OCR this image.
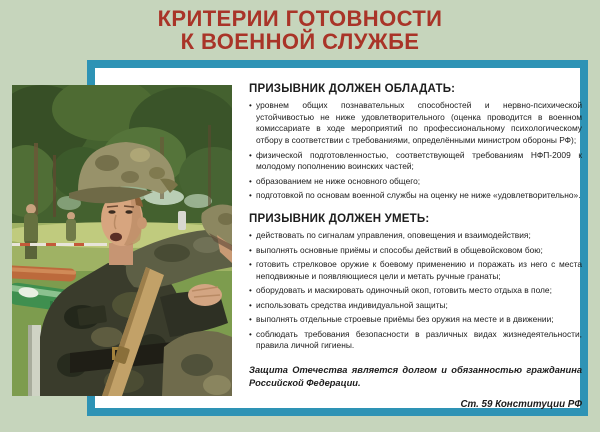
КРИТЕРИИ ГОТОВНОСТИ
К ВОЕННОЙ СЛУЖБЕ
ПРИЗЫВНИК ДОЛЖЕН ОБЛАДАТЬ:
• уровнем общих познавательных способностей и нервно-психической устойчивостью не ниже удовлетворительного (оценка проводится в военном комиссариате в ходе мероприятий по профессиональному психологическому отбору в соответствии с требованиями, определёнными министром обороны РФ);
• физической подготовленностью, соответствующей требованиям НФП-2009 к молодому пополнению воинских частей;
• образованием не ниже основного общего;
• подготовкой по основам военной службы на оценку не ниже «удовлетворительно».
ПРИЗЫВНИК ДОЛЖЕН УМЕТЬ:
• действовать по сигналам управления, оповещения и взаимодействия;
• выполнять основные приёмы и способы действий в общевойсковом бою;
• готовить стрелковое оружие к боевому применению и поражать из него с места неподвижные и появляющиеся цели и метать ручные гранаты;
• оборудовать и маскировать одиночный окоп, готовить место отдыха в поле;
• использовать средства индивидуальной защиты;
• выполнять отдельные строевые приёмы без оружия на месте и в движении;
• соблюдать требования безопасности в различных видах жизнедеятельности, правила личной гигиены.

Защита Отечества является долгом и обязанностью гражданина Российской Федерации.

Ст. 59 Конституции РФ
